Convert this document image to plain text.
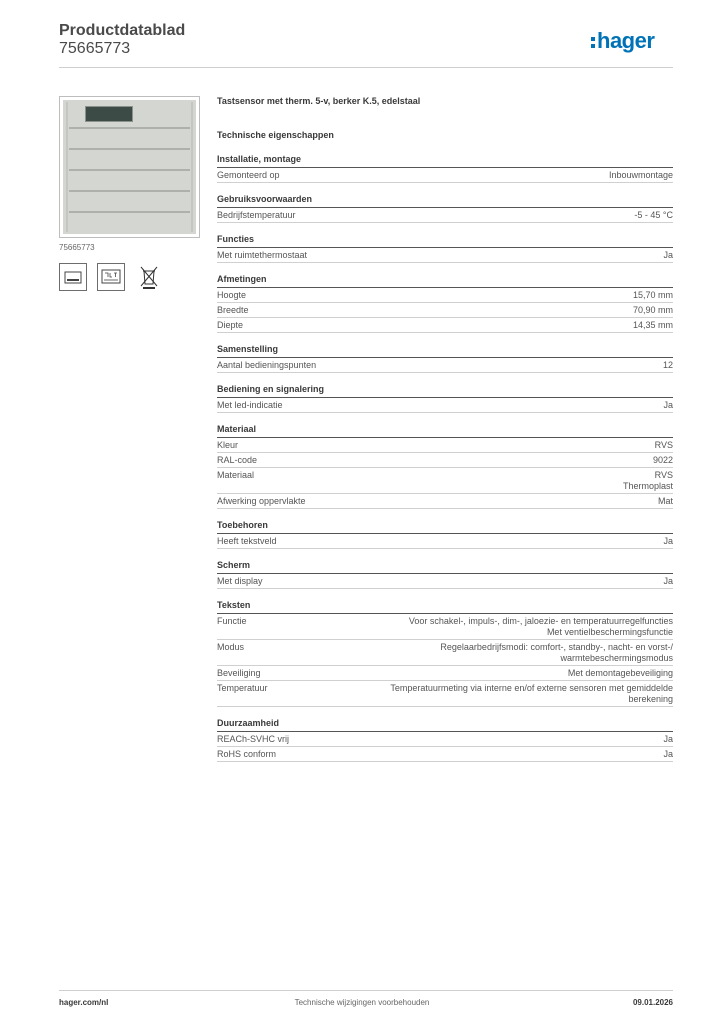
Productdatablad
75665773	hager
75665773
Tastsensor met therm. 5-v, berker K.5, edelstaal
Technische eigenschappen
Installatie, montage
Gemonteerd op	Inbouwmontage
Gebruiksvoorwaarden
Bedrijfstemperatuur	-5 - 45 °C
Functies
Met ruimtethermostaat	Ja
Afmetingen
Hoogte	15,70 mm
Breedte	70,90 mm
Diepte	14,35 mm
Samenstelling
Aantal bedieningspunten	12
Bediening en signalering
Met led-indicatie	Ja
Materiaal
Kleur	RVS
RAL-code	9022
Materiaal	RVS
Thermoplast
Afwerking oppervlakte	Mat
Toebehoren
Heeft tekstveld	Ja
Scherm
Met display	Ja
Teksten
Functie	Voor schakel-, impuls-, dim-, jaloezie- en temperatuurregelfuncties
Met ventielbeschermingsfunctie
Modus	Regelaarbedrijfsmodi: comfort-, standby-, nacht- en vorst-/
warmtebeschermingsmodus
Beveiliging	Met demontagebeveiliging
Temperatuur	Temperatuurmeting via interne en/of externe sensoren met gemiddelde
berekening
Duurzaamheid
REACh-SVHC vrij	Ja
RoHS conform	Ja
hager.com/nl	Technische wijzigingen voorbehouden	09.01.2026
